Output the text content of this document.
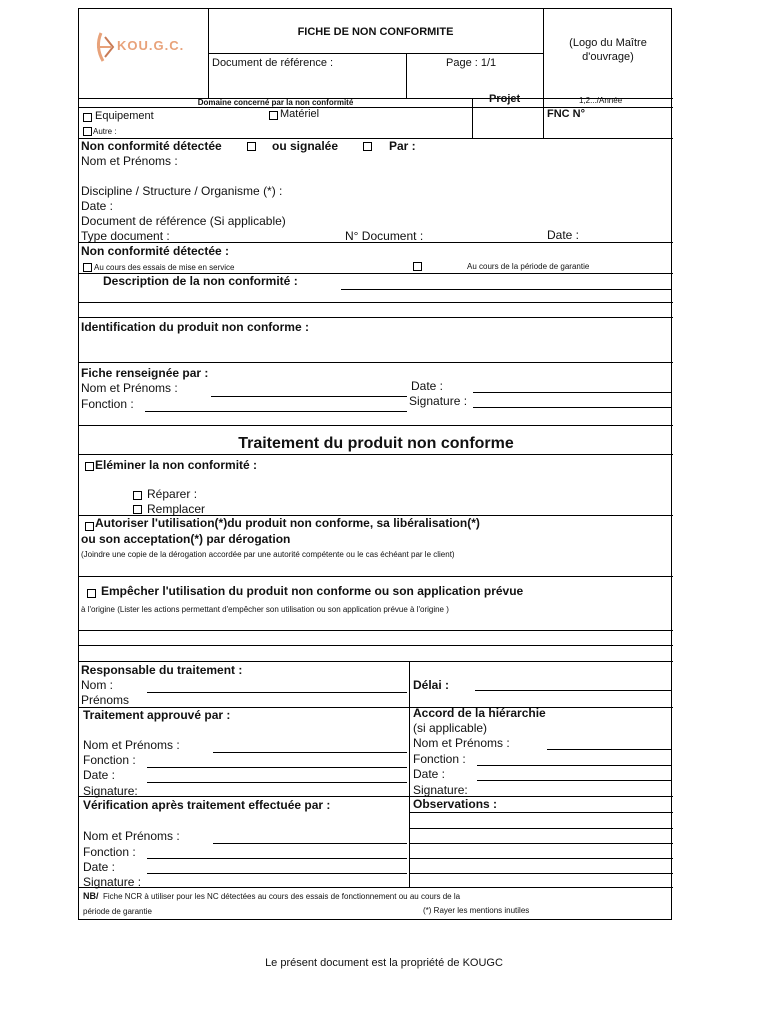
KOU.G.C.
FICHE DE NON CONFORMITE
Document de référence :	Page : 1/1
(Logo du Maître
d'ouvrage)
Domaine concerné par la non conformité	Projet	1,2.../Année
Equipement	Matériel
Autre :
FNC N°
Non conformité détectée	ou signalée	Par :
Nom et Prénoms :
Discipline / Structure / Organisme (*) :
Date :
Document de référence (Si applicable)
Type document :	N° Document :	Date :
Non conformité détectée :
Au cours des essais de mise en service	Au cours de la période de garantie
Description de la non conformité :
Identification du produit non conforme :
Fiche renseignée par :
Nom et Prénoms :	Date :
Fonction :	Signature :
Traitement du produit non conforme
Eléminer la non conformité :
Réparer :
Remplacer
Autoriser l'utilisation(*)du produit non conforme, sa libéralisation(*)
ou son acceptation(*) par dérogation
(Joindre une copie de la dérogation accordée par une autorité compétente ou le cas échéant par le client)
Empêcher l'utilisation du produit non conforme ou son application prévue
à l'origine (Lister les actions permettant d'empêcher son utilisation ou son application prévue à l'origine )
Responsable du traitement :
Nom :
Prénoms
Délai :
Traitement approuvé par :
Nom et Prénoms :
Fonction :
Date :
Signature:
Accord de la hiérarchie
(si applicable)
Nom et Prénoms :
Fonction :
Date :
Signature:
Vérification après traitement effectuée par :
Nom et Prénoms :
Fonction :
Date :
Signature :
Observations :
NB/ Fiche NCR à utiliser pour les NC détectées au cours des essais de fonctionnement ou au cours de la
période de garantie	(*) Rayer les mentions inutiles
Le présent document est la propriété de KOUGC
